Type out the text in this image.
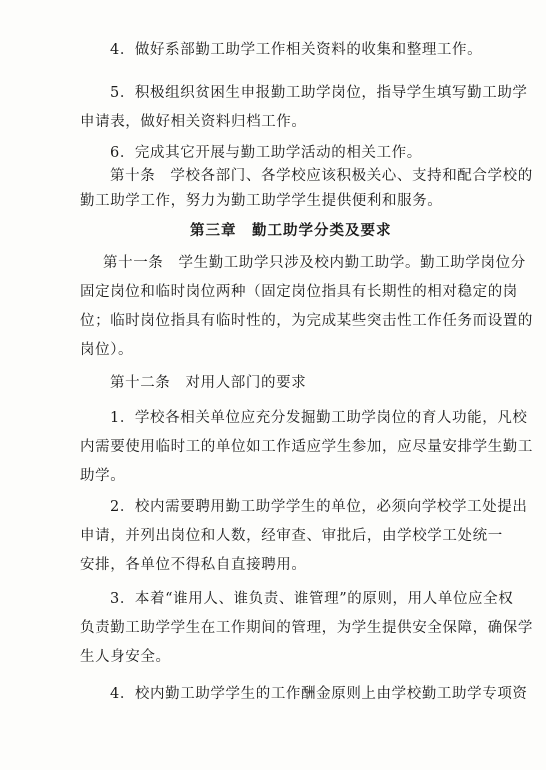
4．做好系部勤工助学工作相关资料的收集和整理工作。
5．积极组织贫困生申报勤工助学岗位，指导学生填写勤工助学
申请表，做好相关资料归档工作。
6．完成其它开展与勤工助学活动的相关工作。
第十条　学校各部门、各学校应该积极关心、支持和配合学校的
勤工助学工作，努力为勤工助学学生提供便利和服务。
第三章　勤工助学分类及要求
第十一条　学生勤工助学只涉及校内勤工助学。勤工助学岗位分
固定岗位和临时岗位两种（固定岗位指具有长期性的相对稳定的岗
位；临时岗位指具有临时性的，为完成某些突击性工作任务而设置的
岗位）。
第十二条　对用人部门的要求
1．学校各相关单位应充分发掘勤工助学岗位的育人功能，凡校
内需要使用临时工的单位如工作适应学生参加，应尽量安排学生勤工
助学。
2．校内需要聘用勤工助学学生的单位，必须向学校学工处提出
申请，并列出岗位和人数，经审查、审批后，由学校学工处统一
安排，各单位不得私自直接聘用。
3．本着“谁用人、谁负责、谁管理”的原则，用人单位应全权
负责勤工助学学生在工作期间的管理，为学生提供安全保障，确保学
生人身安全。
4．校内勤工助学学生的工作酬金原则上由学校勤工助学专项资
